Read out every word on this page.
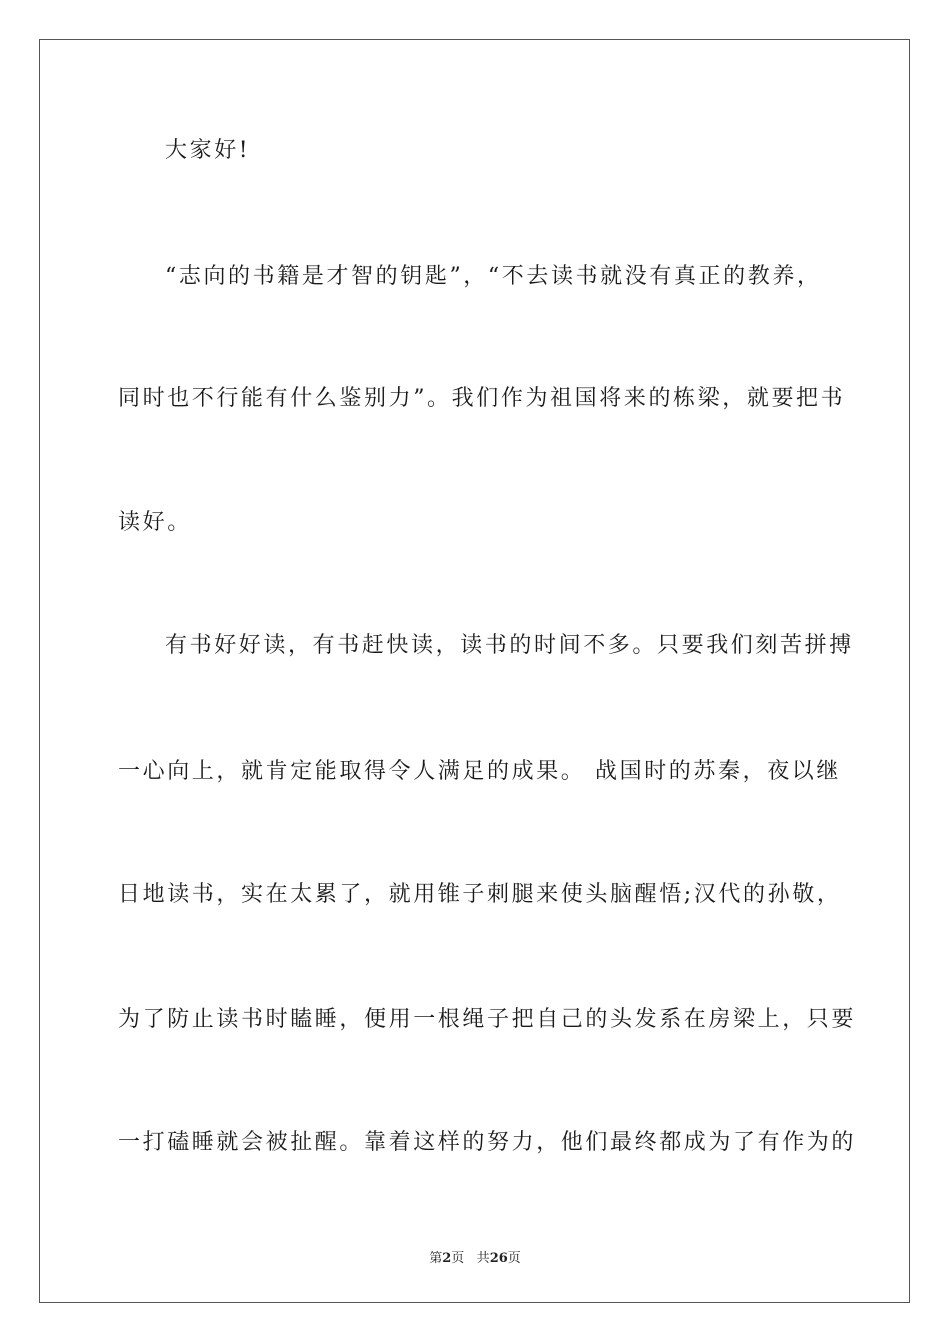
大家好!
“志向的书籍是才智的钥匙”，“不去读书就没有真正的教养，
同时也不行能有什么鉴别力”。我们作为祖国将来的栋梁，就要把书
读好。
有书好好读，有书赶快读，读书的时间不多。只要我们刻苦拼搏
一心向上，就肯定能取得令人满足的成果。 战国时的苏秦，夜以继
日地读书，实在太累了，就用锥子刺腿来使头脑醒悟;汉代的孙敬，
为了防止读书时瞌睡，便用一根绳子把自己的头发系在房梁上，只要
一打磕睡就会被扯醒。靠着这样的努力，他们最终都成为了有作为的
第2页 共26页
